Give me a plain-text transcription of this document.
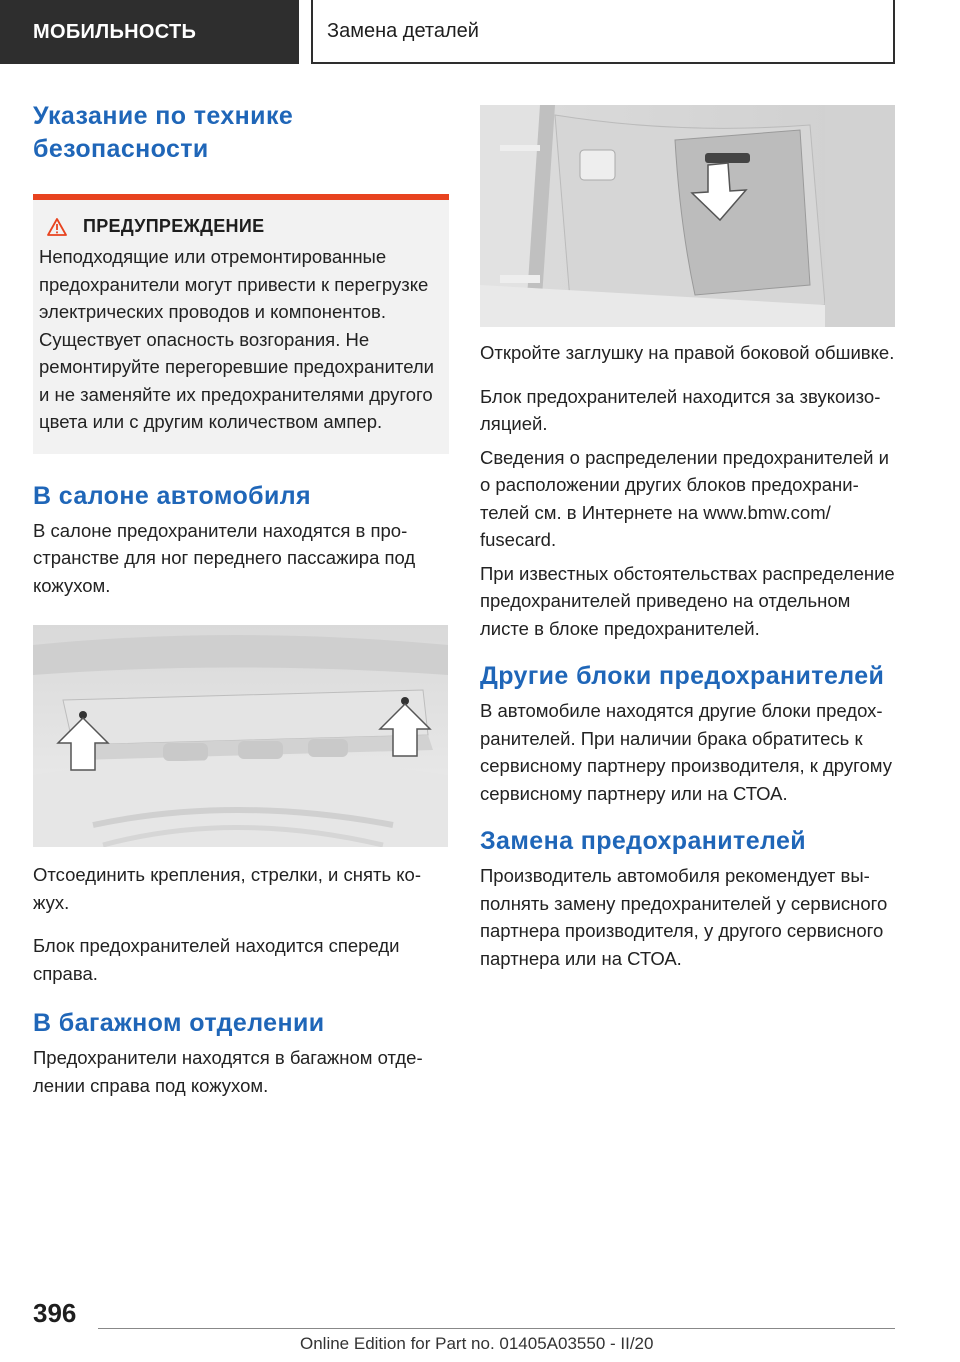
МОБИЛЬНОСТЬ	Замена деталей
Указание по технике безопасности
ПРЕДУПРЕЖДЕНИЕ

Неподходящие или отремонтированные предохранители могут привести к перегрузке электрических проводов и компонентов. Существует опасность возгорания. Не ремонтируйте перегоревшие предохранители и не заменяйте их предохранителями другого цвета или с другим количеством ампер.

В салоне автомобиля

В салоне предохранители находятся в пространстве для ног переднего пассажира под кожухом.

Отсоединить крепления, стрелки, и снять кожух.

Блок предохранителей находится спереди справа.

В багажном отделении

Предохранители находятся в багажном отделении справа под кожухом.

Откройте заглушку на правой боковой обшивке.

Блок предохранителей находится за звукоизоляцией.

Сведения о распределении предохранителей и о расположении других блоков предохранителей см. в Интернете на www.bmw.com/ fusecard.

При известных обстоятельствах распределение предохранителей приведено на отдельном листе в блоке предохранителей.

Другие блоки предохранителей

В автомобиле находятся другие блоки предохранителей. При наличии брака обратитесь к сервисному партнеру производителя, к другому сервисному партнеру или на СТОА.

Замена предохранителей

Производитель автомобиля рекомендует выполнять замену предохранителей у сервисного партнера производителя, у другого сервисного партнера или на СТОА.

396
Online Edition for Part no. 01405A03550 - II/20
